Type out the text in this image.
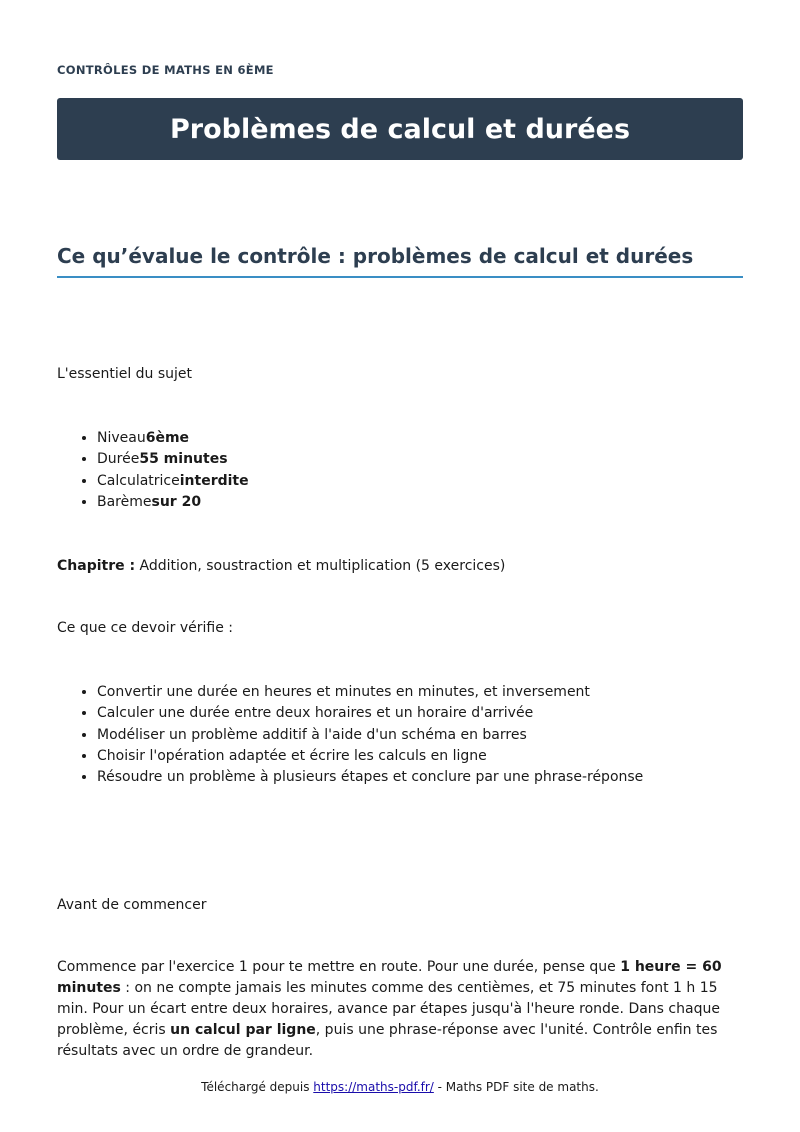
CONTRÔLES DE MATHS EN 6ÈME

Problèmes de calcul et durées
Ce qu’évalue le contrôle : problèmes de calcul et durées

L'essentiel du sujet

• Niveau6ème
• Durée55 minutes
• Calculatriceinterdite
• Barèmesur 20

Chapitre : Addition, soustraction et multiplication (5 exercices)

Ce que ce devoir vérifie :

• Convertir une durée en heures et minutes en minutes, et inversement
• Calculer une durée entre deux horaires et un horaire d'arrivée
• Modéliser un problème additif à l'aide d'un schéma en barres
• Choisir l'opération adaptée et écrire les calculs en ligne
• Résoudre un problème à plusieurs étapes et conclure par une phrase-réponse

Avant de commencer

Commence par l'exercice 1 pour te mettre en route. Pour une durée, pense que 1 heure = 60 minutes : on ne compte jamais les minutes comme des centièmes, et 75 minutes font 1 h 15 min. Pour un écart entre deux horaires, avance par étapes jusqu'à l'heure ronde. Dans chaque problème, écris un calcul par ligne, puis une phrase-réponse avec l'unité. Contrôle enfin tes résultats avec un ordre de grandeur.

Téléchargé depuis https://maths-pdf.fr/ - Maths PDF site de maths.
